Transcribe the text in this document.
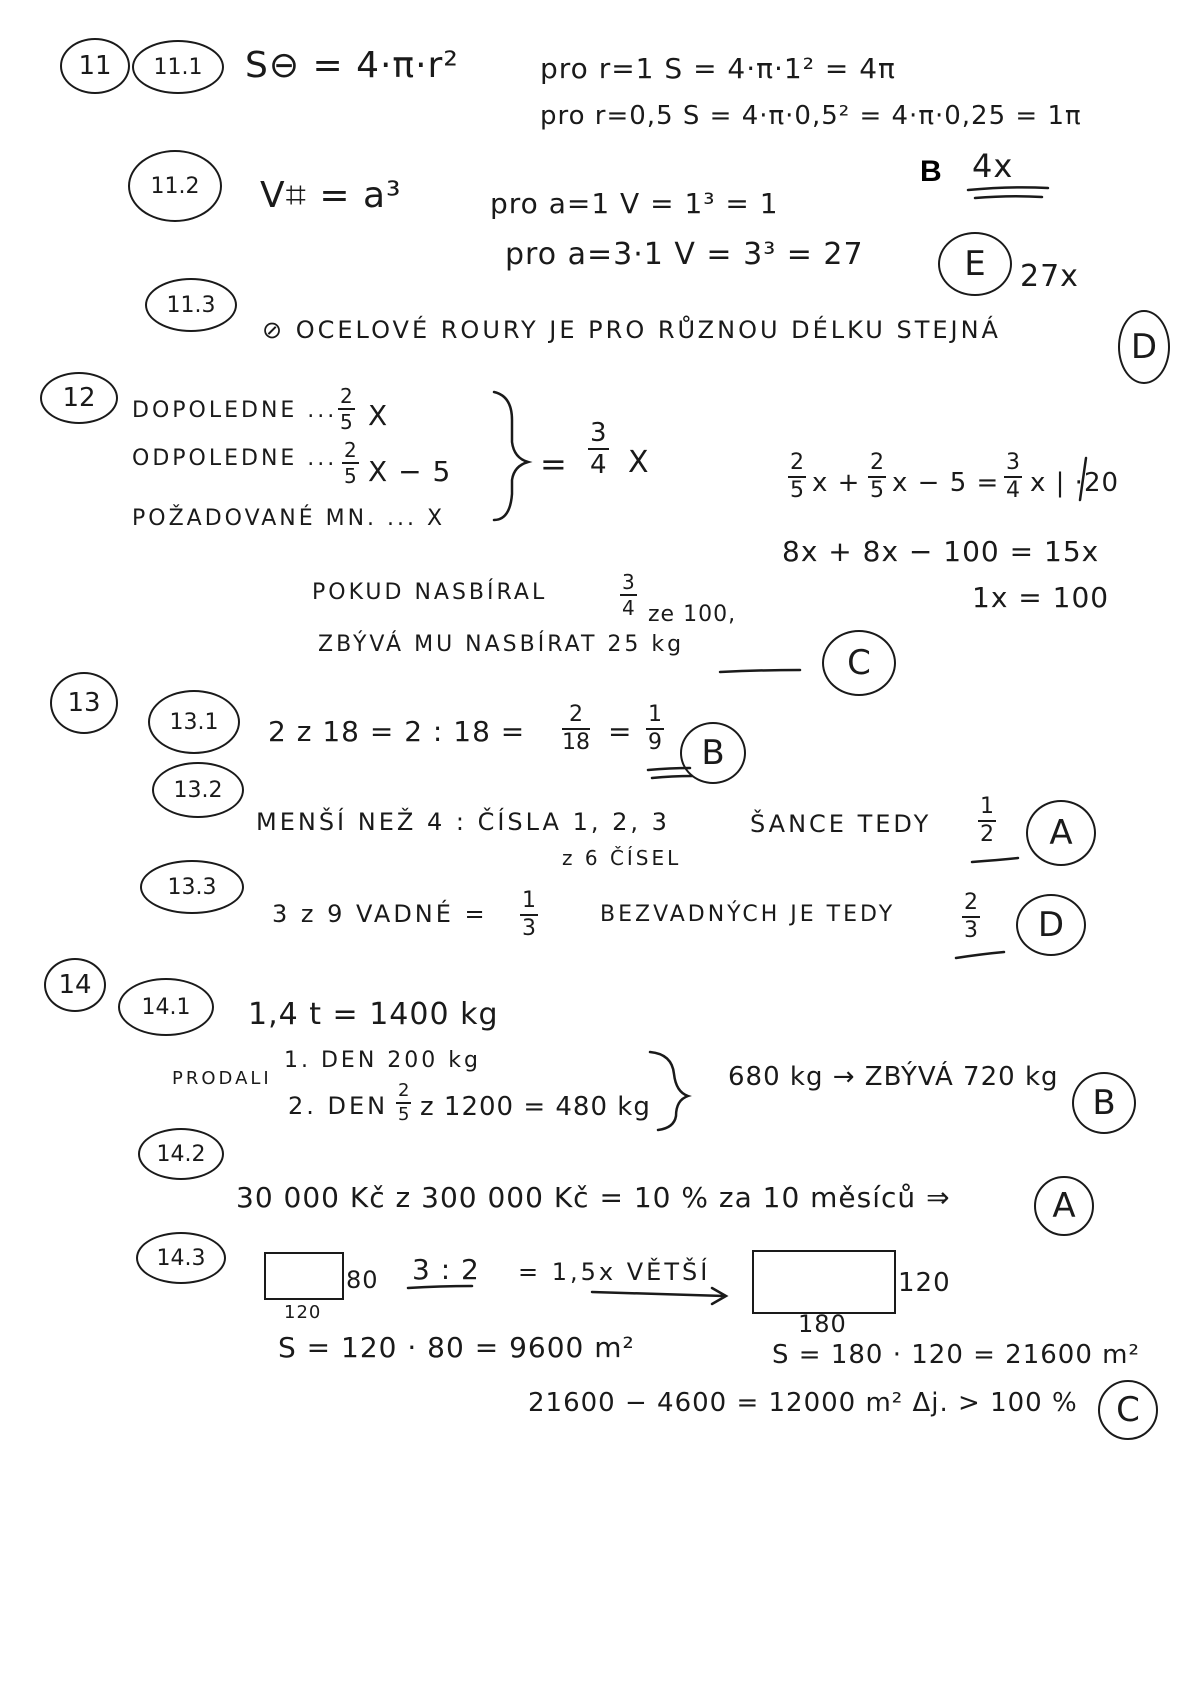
11 11.1 S⊖ = 4·π·r²	pro r=1 S = 4·π·1² = 4π
pro r=0,5 S = 4·π·0,5² = 4·π·0,25 = 1π
B 4x
11.2 V⌗ = a³	pro a=1 V = 1³ = 1
pro a=3·1 V = 3³ = 27	E 27x
11.3
⊘ OCELOVÉ ROURY JE PRO RŮZNOU DÉLKU STEJNÁ	D
12 DOPOLEDNE ... $\frac{2}{5}$ X
ODPOLEDNE ... $\frac{2}{5}$ X − 5
POŽADOVANÉ MN. ... X
= $\frac{3}{4}$ X	$\frac{2}{5}$ $x + \frac{2}{5}$ $x - 5 = \frac{3}{4}$ x | ·20
8x + 8x − 100 = 15x
1x = 100
POKUD NASBÍRAL	$\frac{3}{4}$ ze 100,
ZBÝVÁ MU NASBÍRAT 25 kg	C
13
13.1 2 z 18 = 2 : $18 = \frac{2}{18} = \frac{1}{9}$ B
13.2
MENŠÍ NEŽ 4 : ČÍSLA 1, 2, 3
z 6 ČÍSEL
ŠANCE TEDY $\frac{1}{2}$ A
13.3
3 z 9 VADNÉ = $\frac{1}{3}$	BEZVADNÝCH JE TEDY	$\frac{2}{3}$ D
14
14.1 1,4 t = 1400 kg
PRODALI
1. DEN 200 kg
2. DEN $\frac{2}{5}$ z 1200 = 480 kg
680 kg → ZBÝVÁ 720 kg
B
14.2
30 000 Kč z 300 000 Kč = 10 % za 10 měsíců ⇒	A
14.3
80
120
3 : 2 = 1,5x VĚTŠÍ	120
180
S = 120 · 80 = 9600 m²	S = 180 · 120 = 21600 m²
21600 − 4600 = 12000 m² Δj. > 100 % C
